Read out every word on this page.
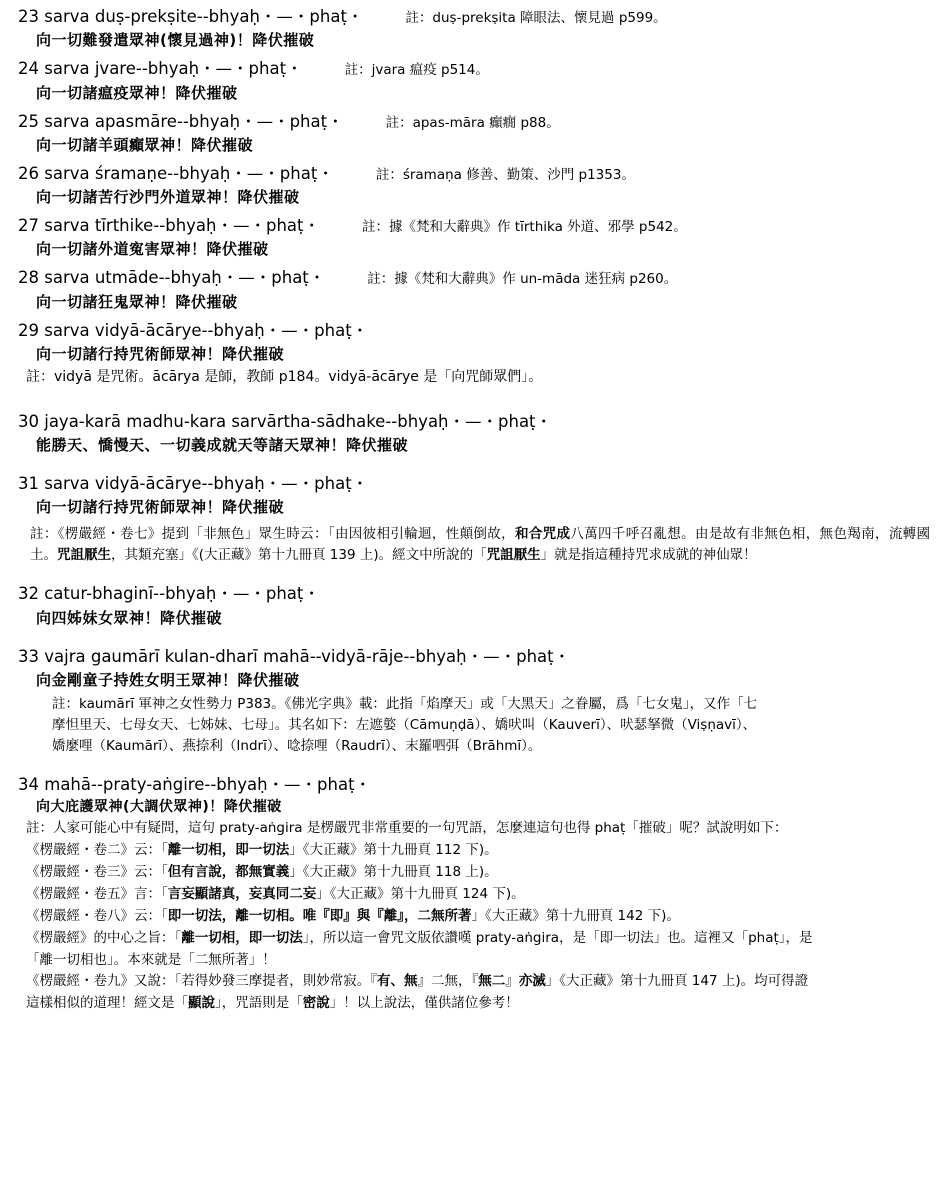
23 sarva duṣ-prekṣite--bhyaḥ・—・phaṭ・	註：duṣ-prekṣita 障眼法、懷見過 p599。
向一切難發遣眾神(懷見過神)！降伏摧破
24 sarva jvare--bhyaḥ・—・phaṭ・	註：jvara 瘟疫 p514。
向一切諸瘟疫眾神！降伏摧破
25 sarva apasmāre--bhyaḥ・—・phaṭ・	註：apas-māra 癲癇 p88。
向一切諸羊頭癲眾神！降伏摧破
26 sarva śramaṇe--bhyaḥ・—・phaṭ・	註：śramaṇa 修善、勤策、沙門 p1353。
向一切諸苦行沙門外道眾神！降伏摧破
27 sarva tīrthike--bhyaḥ・—・phaṭ・	註：據《梵和大辭典》作 tīrthika 外道、邪學 p542。
向一切諸外道寃害眾神！降伏摧破
28 sarva utmāde--bhyaḥ・—・phaṭ・	註：據《梵和大辭典》作 un-māda 迷狂病 p260。
向一切諸狂鬼眾神！降伏摧破
29 sarva vidyā-ācārye--bhyaḥ・—・phaṭ・
向一切諸行持咒術師眾神！降伏摧破
註：vidyā 是咒術。ācārya 是師，教師 p184。vidyā-ācārye 是「向咒師眾們」。
30 jaya-karā madhu-kara sarvārtha-sādhake--bhyaḥ・—・phaṭ・
能勝天、憍慢天、一切義成就天等諸天眾神！降伏摧破
31 sarva vidyā-ācārye--bhyaḥ・—・phaṭ・
向一切諸行持咒術師眾神！降伏摧破
註：《楞嚴經・卷七》提到「非無色」眾生時云：「由因彼相引輪迴，性顛倒故，和合咒成八萬四千呼召亂想。由是故有非無色相，無色羯南，流轉國土。咒詛厭生，其類充塞」《(大正藏》第十九冊頁 139 上)。經文中所說的「咒詛厭生」就是指這種持咒求成就的神仙眾！
32 catur-bhaginī--bhyaḥ・—・phaṭ・
向四姊妹女眾神！降伏摧破
33 vajra gaumārī kulan-dharī mahā--vidyā-rāje--bhyaḥ・—・phaṭ・
向金剛童子持姓女明王眾神！降伏摧破
註：kaumārī 軍神之女性勢力 P383。《佛光字典》載：此指「焰摩天」或「大黑天」之眷屬，爲「七女鬼」，又作「七
摩怛里天、七母女天、七姊妹、七母」。其名如下：左遮嬜（Cāmuṇḍā）、嬌吠叫（Kauverī）、吠瑟拏微（Viṣṇavī）、
嬌麼哩（Kaumārī）、燕捺利（Indrī）、唸捺哩（Raudrī）、末羅呬弭（Brāhmī）。
34 mahā--praty-aṅgire--bhyaḥ・—・phaṭ・
向大庇護眾神(大調伏眾神)！降伏摧破
註：人家可能心中有疑問，這句 praty-aṅgira 是楞嚴咒非常重要的一句咒語，怎麼連這句也得 phaṭ「摧破」呢？試說明如下：
《楞嚴經・卷二》云：「離一切相，即一切法」《大正藏》第十九冊頁 112 下)。
《楞嚴經・卷三》云：「但有言說，都無實義」《大正藏》第十九冊頁 118 上)。
《楞嚴經・卷五》言：「言妄顯諸真，妄真同二妄」《大正藏》第十九冊頁 124 下)。
《楞嚴經・卷八》云：「即一切法，離一切相。唯『即』與『離』，二無所著」《大正藏》第十九冊頁 142 下)。
《楞嚴經》的中心之旨：「離一切相，即一切法」，所以這一會咒文版依讚嘆 praty-aṅgira，是「即一切法」也。這裡又「phaṭ」，是
「離一切相也」。本來就是「二無所著」！
《楞嚴經・卷九》又說：「若得妙發三摩提者，則妙常寂。『有、無』二無，『無二』亦滅」《大正藏》第十九冊頁 147 上)。均可得證
這樣相似的道理！經文是「顯說」，咒語則是「密說」！以上說法，僅供諸位參考！
